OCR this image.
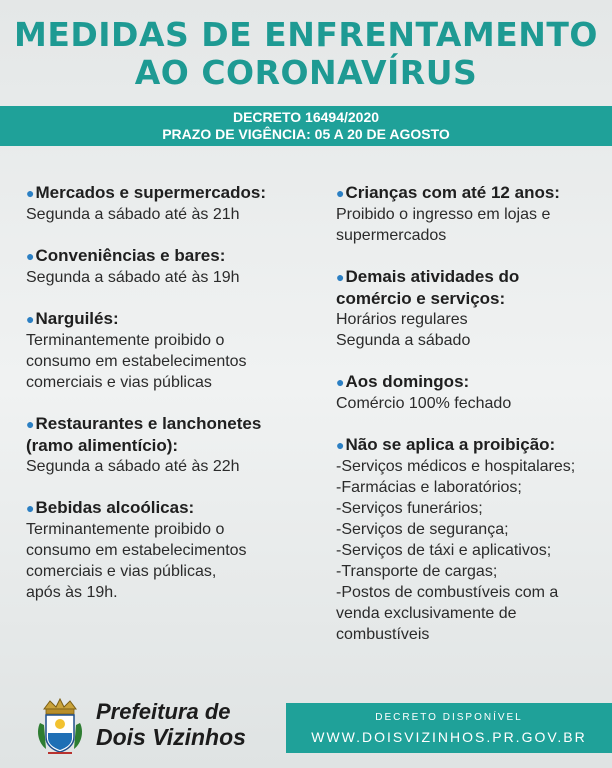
MEDIDAS DE ENFRENTAMENTO
AO CORONAVÍRUS
DECRETO 16494/2020
PRAZO DE VIGÊNCIA: 05 A 20 DE AGOSTO
●Mercados e supermercados:
Segunda a sábado até às 21h
●Conveniências e bares:
Segunda a sábado até às 19h
●Narguilés:
Terminantemente proibido o
consumo em estabelecimentos
comerciais e vias públicas
●Restaurantes e lanchonetes
(ramo alimentício):
Segunda a sábado até às 22h
●Bebidas alcoólicas:
Terminantemente proibido o
consumo em estabelecimentos
comerciais e vias públicas,
após às 19h.
●Crianças com até 12 anos:
Proibido o ingresso em lojas e
supermercados
●Demais atividades do
comércio e serviços:
Horários regulares
Segunda a sábado
●Aos domingos:
Comércio 100% fechado
●Não se aplica a proibição:
-Serviços médicos e hospitalares;
-Farmácias e laboratórios;
-Serviços funerários;
-Serviços de segurança;
-Serviços de táxi e aplicativos;
-Transporte de cargas;
-Postos de combustíveis com a
venda exclusivamente de
combustíveis
Prefeitura de
Dois Vizinhos
DECRETO DISPONÍVEL
WWW.DOISVIZINHOS.PR.GOV.BR
